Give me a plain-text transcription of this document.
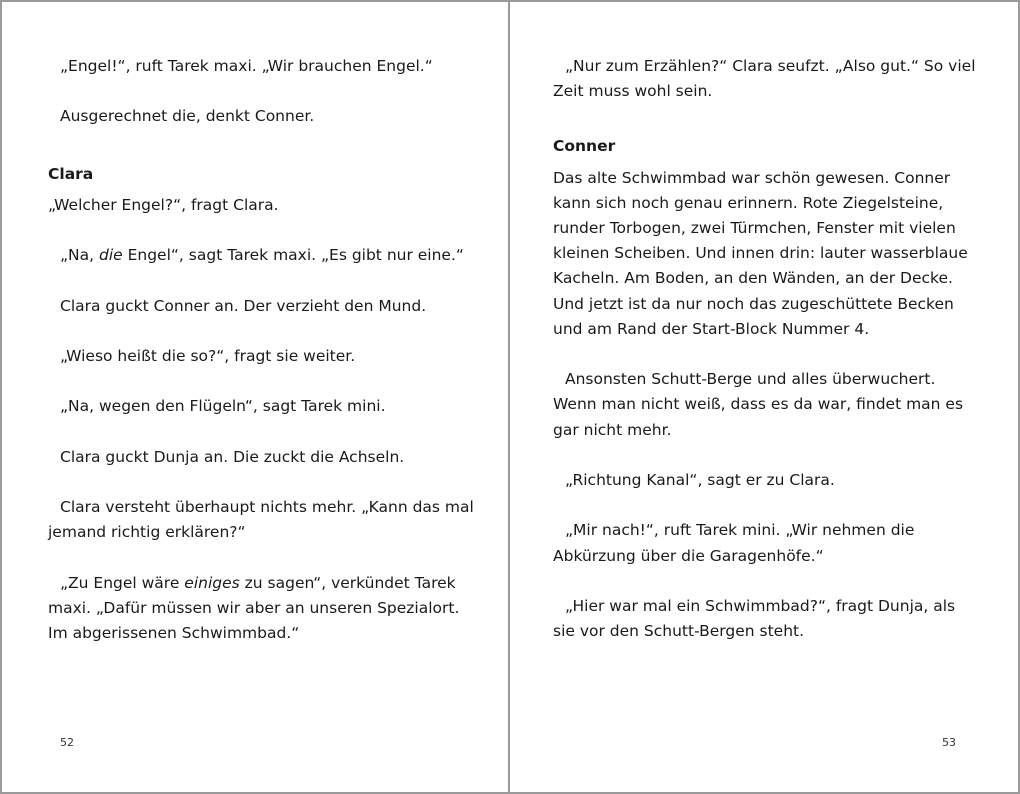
„Engel!“, ruft Tarek maxi. „Wir brauchen Engel.“

Ausgerechnet die, denkt Conner.

Clara

„Welcher Engel?“, fragt Clara.

„Na, die Engel“, sagt Tarek maxi. „Es gibt nur eine.“

Clara guckt Conner an. Der verzieht den Mund.

„Wieso heißt die so?“, fragt sie weiter.

„Na, wegen den Flügeln“, sagt Tarek mini.

Clara guckt Dunja an. Die zuckt die Achseln.

Clara versteht überhaupt nichts mehr. „Kann das mal jemand richtig erklären?“

„Zu Engel wäre einiges zu sagen“, verkündet Tarek maxi. „Dafür müssen wir aber an unseren Spezialort. Im abgerissenen Schwimmbad.“

52

„Nur zum Erzählen?“ Clara seufzt. „Also gut.“ So viel Zeit muss wohl sein.

Conner

Das alte Schwimmbad war schön gewesen. Conner kann sich noch genau erinnern. Rote Ziegelsteine, runder Torbogen, zwei Türmchen, Fenster mit vielen kleinen Scheiben. Und innen drin: lauter wasserblaue Kacheln. Am Boden, an den Wänden, an der Decke. Und jetzt ist da nur noch das zugeschüttete Becken und am Rand der Start-Block Nummer 4.

Ansonsten Schutt-Berge und alles überwuchert. Wenn man nicht weiß, dass es da war, findet man es gar nicht mehr.

„Richtung Kanal“, sagt er zu Clara.

„Mir nach!“, ruft Tarek mini. „Wir nehmen die Abkürzung über die Garagenhöfe.“

„Hier war mal ein Schwimmbad?“, fragt Dunja, als sie vor den Schutt-Bergen steht.

53
